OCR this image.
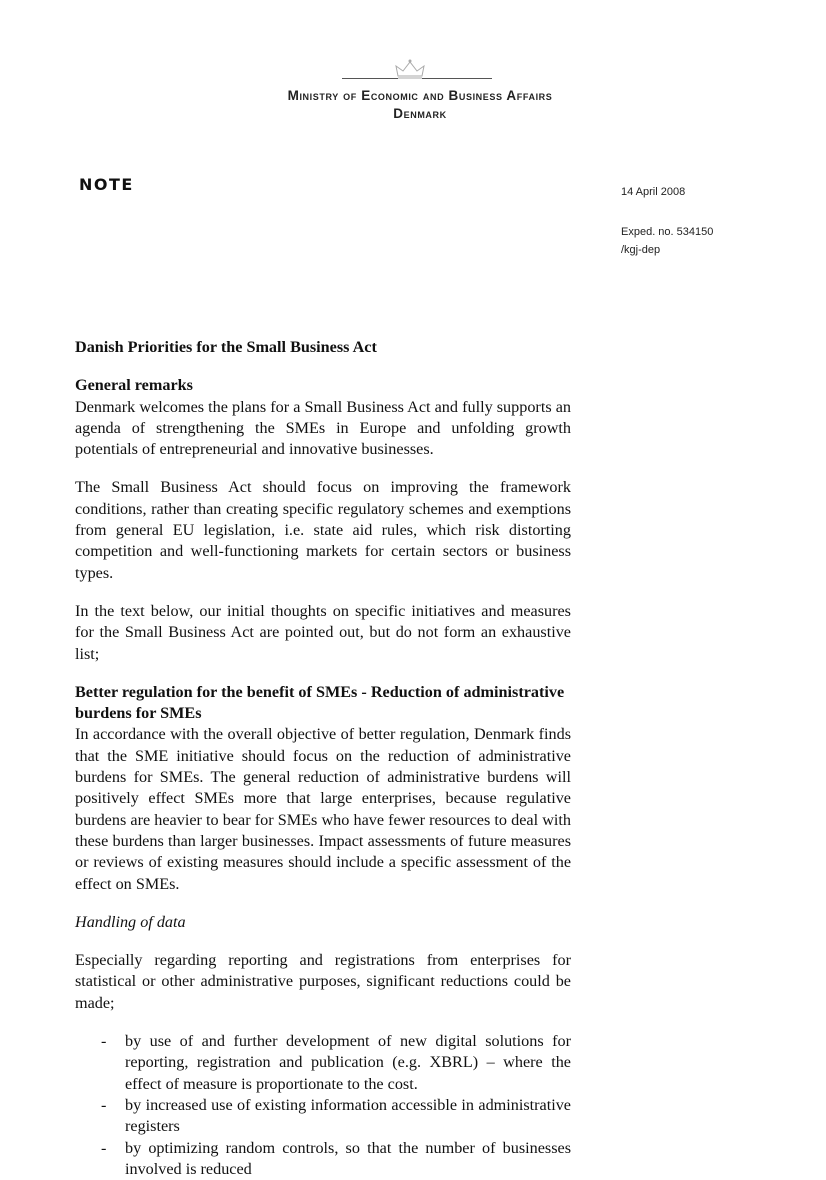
Ministry of Economic and Business Affairs
Denmark
NOTE	14 April 2008
Exped. no. 534150
/kgj-dep
Danish Priorities for the Small Business Act
General remarks

Denmark welcomes the plans for a Small Business Act and fully supports an agenda of strengthening the SMEs in Europe and unfolding growth potentials of entrepreneurial and innovative businesses.

The Small Business Act should focus on improving the framework conditions, rather than creating specific regulatory schemes and exemptions from general EU legislation, i.e. state aid rules, which risk distorting competition and well-functioning markets for certain sectors or business types.

In the text below, our initial thoughts on specific initiatives and measures for the Small Business Act are pointed out, but do not form an exhaustive list;

Better regulation for the benefit of SMEs - Reduction of administrative burdens for SMEs

In accordance with the overall objective of better regulation, Denmark finds that the SME initiative should focus on the reduction of administrative burdens for SMEs. The general reduction of administrative burdens will positively effect SMEs more that large enterprises, because regulative burdens are heavier to bear for SMEs who have fewer resources to deal with these burdens than larger businesses. Impact assessments of future measures or reviews of existing measures should include a specific assessment of the effect on SMEs.

Handling of data

Especially regarding reporting and registrations from enterprises for statistical or other administrative purposes, significant reductions could be made;

- by use of and further development of new digital solutions for reporting, registration and publication (e.g. XBRL) – where the effect of measure is proportionate to the cost.
- by increased use of existing information accessible in administrative registers
- by optimizing random controls, so that the number of businesses involved is reduced
